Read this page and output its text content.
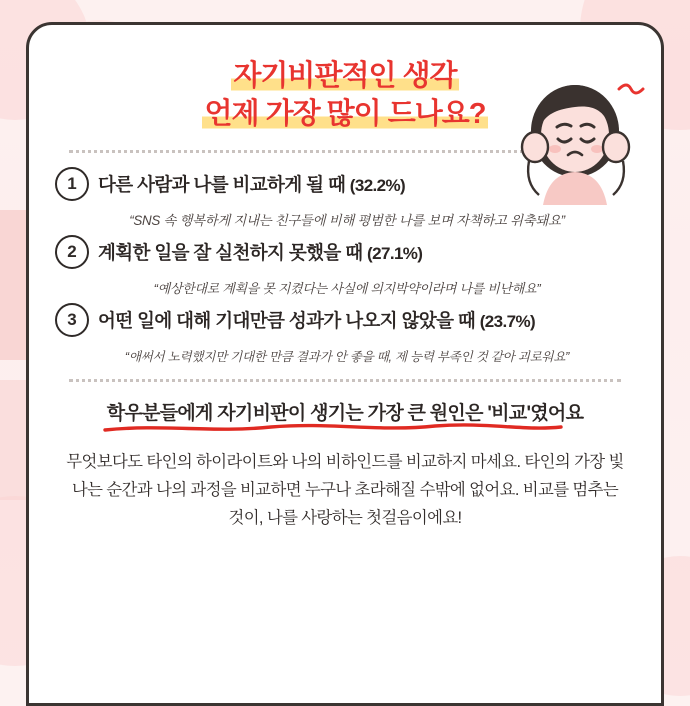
자기비판적인 생각
언제 가장 많이 드나요?
1	다른 사람과 나를 비교하게 될 때 (32.2%)
“SNS 속 행복하게 지내는 친구들에 비해 평범한 나를 보며 자책하고 위축돼요”
2	계획한 일을 잘 실천하지 못했을 때 (27.1%)
“예상한대로 계획을 못 지켰다는 사실에 의지박약이라며 나를 비난해요”
3	어떤 일에 대해 기대만큼 성과가 나오지 않았을 때 (23.7%)
“애써서 노력했지만 기대한 만큼 결과가 안 좋을 때, 제 능력 부족인 것 같아 괴로워요”
학우분들에게 자기비판이 생기는 가장 큰 원인은 '비교'였어요
무엇보다도 타인의 하이라이트와 나의 비하인드를 비교하지 마세요. 타인의 가장 빛나는 순간과 나의 과정을 비교하면 누구나 초라해질 수밖에 없어요. 비교를 멈추는 것이, 나를 사랑하는 첫걸음이에요!
